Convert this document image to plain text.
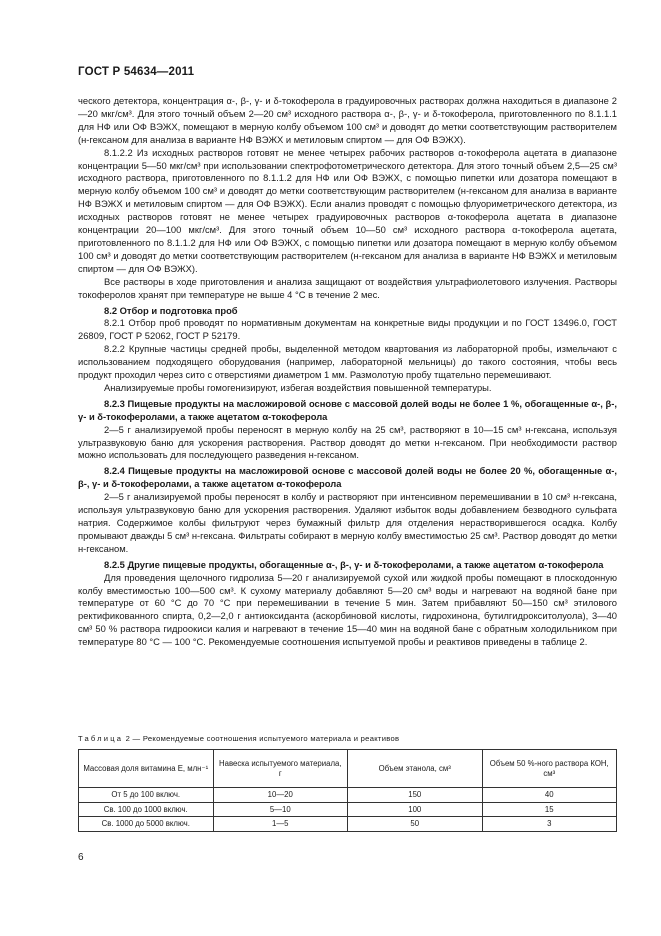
ГОСТ Р 54634—2011

ческого детектора, концентрация α-, β-, γ- и δ-токоферола в градуировочных растворах должна находиться в диапазоне 2—20 мкг/см³. Для этого точный объем 2—20 см³ исходного раствора α-, β-, γ- и δ-токоферола, приготовленного по 8.1.1.1 для НФ или ОФ ВЭЖХ, помещают в мерную колбу объемом 100 см³ и доводят до метки соответствующим растворителем (н-гексаном для анализа в варианте НФ ВЭЖХ и метиловым спиртом — для ОФ ВЭЖХ).

8.1.2.2 Из исходных растворов готовят не менее четырех рабочих растворов α-токоферола ацетата в диапазоне концентрации 5—50 мкг/см³ при использовании спектрофотометрического детектора. Для этого точный объем 2,5—25 см³ исходного раствора, приготовленного по 8.1.1.2 для НФ или ОФ ВЭЖХ, с помощью пипетки или дозатора помещают в мерную колбу объемом 100 см³ и доводят до метки соответствующим растворителем (н-гексаном для анализа в варианте НФ ВЭЖХ и метиловым спиртом — для ОФ ВЭЖХ). Если анализ проводят с помощью флуориметрического детектора, из исходных растворов готовят не менее четырех градуировочных растворов α-токоферола ацетата в диапазоне концентрации 20—100 мкг/см³. Для этого точный объем 10—50 см³ исходного раствора α-токоферола ацетата, приготовленного по 8.1.1.2 для НФ или ОФ ВЭЖХ, с помощью пипетки или дозатора помещают в мерную колбу объемом 100 см³ и доводят до метки соответствующим растворителем (н-гексаном для анализа в варианте НФ ВЭЖХ и метиловым спиртом — для ОФ ВЭЖХ).

Все растворы в ходе приготовления и анализа защищают от воздействия ультрафиолетового излучения. Растворы токоферолов хранят при температуре не выше 4 °С в течение 2 мес.

8.2 Отбор и подготовка проб

8.2.1 Отбор проб проводят по нормативным документам на конкретные виды продукции и по ГОСТ 13496.0, ГОСТ 26809, ГОСТ Р 52062, ГОСТ Р 52179.

8.2.2 Крупные частицы средней пробы, выделенной методом квартования из лабораторной пробы, измельчают с использованием подходящего оборудования (например, лабораторной мельницы) до такого состояния, чтобы весь продукт проходил через сито с отверстиями диаметром 1 мм. Размолотую пробу тщательно перемешивают.

Анализируемые пробы гомогенизируют, избегая воздействия повышенной температуры.

8.2.3 Пищевые продукты на масложировой основе с массовой долей воды не более 1 %, обогащенные α-, β-, γ- и δ-токоферолами, а также ацетатом α-токоферола

2—5 г анализируемой пробы переносят в мерную колбу на 25 см³, растворяют в 10—15 см³ н-гексана, используя ультразвуковую баню для ускорения растворения. Раствор доводят до метки н-гексаном. При необходимости раствор можно использовать для последующего разведения н-гексаном.

8.2.4 Пищевые продукты на масложировой основе с массовой долей воды не более 20 %, обогащенные α-, β-, γ- и δ-токоферолами, а также ацетатом α-токоферола

2—5 г анализируемой пробы переносят в колбу и растворяют при интенсивном перемешивании в 10 см³ н-гексана, используя ультразвуковую баню для ускорения растворения. Удаляют избыток воды добавлением безводного сульфата натрия. Содержимое колбы фильтруют через бумажный фильтр для отделения нерастворившегося осадка. Колбу промывают дважды 5 см³ н-гексана. Фильтраты собирают в мерную колбу вместимостью 25 см³. Раствор доводят до метки н-гексаном.

8.2.5 Другие пищевые продукты, обогащенные α-, β-, γ- и δ-токоферолами, а также ацетатом α-токоферола

Для проведения щелочного гидролиза 5—20 г анализируемой сухой или жидкой пробы помещают в плоскодонную колбу вместимостью 100—500 см³. К сухому материалу добавляют 5—20 см³ воды и нагревают на водяной бане при температуре от 60 °С до 70 °С при перемешивании в течение 5 мин. Затем прибавляют 50—150 см³ этилового ректификованного спирта, 0,2—2,0 г антиоксиданта (аскорбиновой кислоты, гидрохинона, бутилгидрокситолуола), 3—40 см³ 50 % раствора гидроокиси калия и нагревают в течение 15—40 мин на водяной бане с обратным холодильником при температуре 80 °С — 100 °С. Рекомендуемые соотношения испытуемой пробы и реактивов приведены в таблице 2.

Таблица 2 — Рекомендуемые соотношения испытуемого материала и реактивов
Массовая доля витамина Е, млн⁻¹	Навеска испытуемого материала, г	Объем этанола, см³	Объем 50 %-ного раствора КОН, см³
От 5 до 100 включ.	10—20	150	40
Св. 100 до 1000 включ.	5—10	100	15
Св. 1000 до 5000 включ.	1—5	50	3
6
